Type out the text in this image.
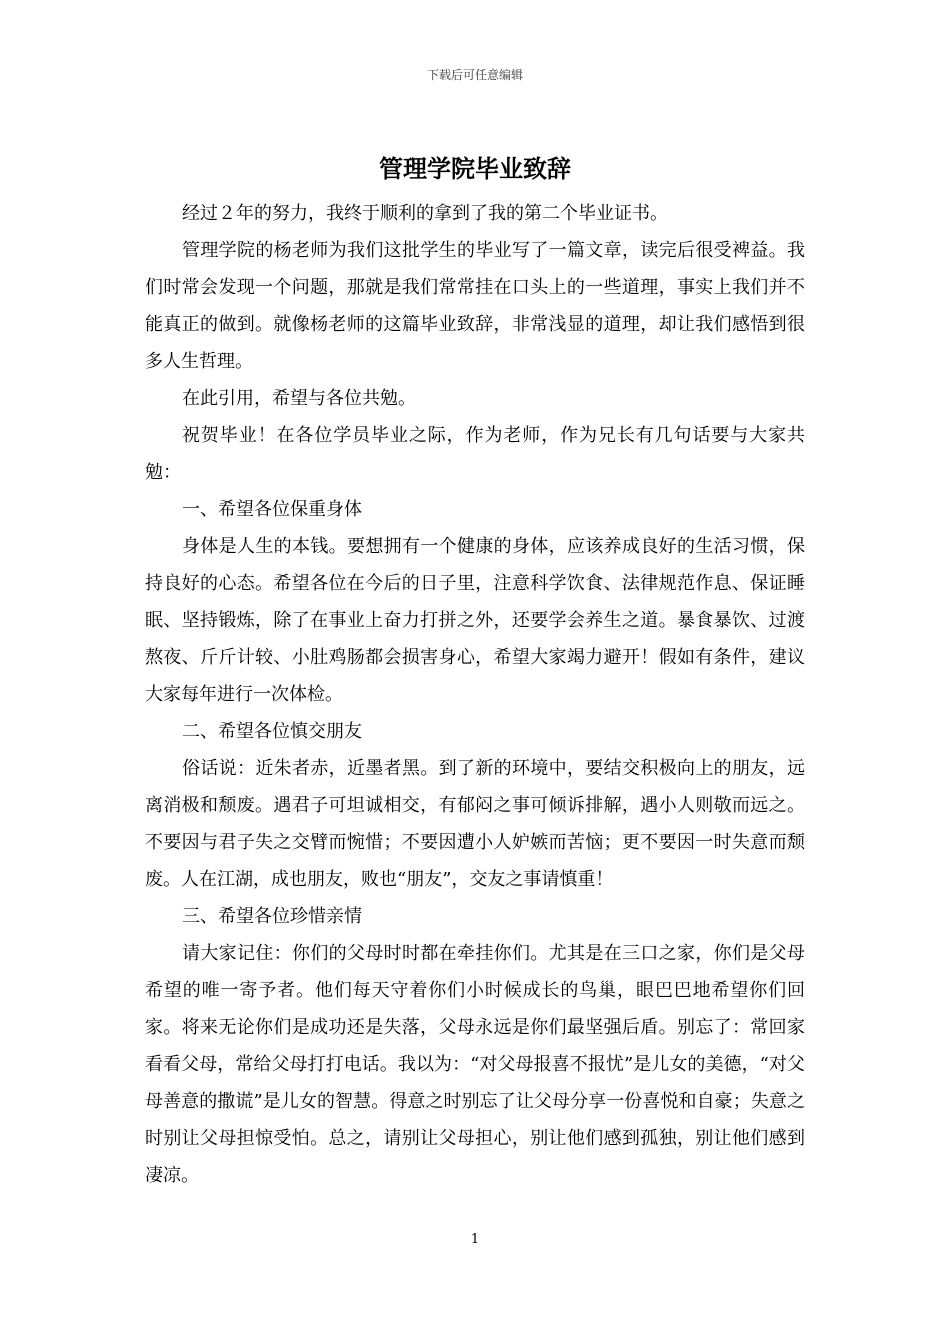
下载后可任意编辑
管理学院毕业致辞

经过２年的努力，我终于顺利的拿到了我的第二个毕业证书。

管理学院的杨老师为我们这批学生的毕业写了一篇文章，读完后很受裨益。我们时常会发现一个问题，那就是我们常常挂在口头上的一些道理，事实上我们并不能真正的做到。就像杨老师的这篇毕业致辞，非常浅显的道理，却让我们感悟到很多人生哲理。

在此引用，希望与各位共勉。

祝贺毕业！在各位学员毕业之际，作为老师，作为兄长有几句话要与大家共勉：

一、希望各位保重身体

身体是人生的本钱。要想拥有一个健康的身体，应该养成良好的生活习惯，保持良好的心态。希望各位在今后的日子里，注意科学饮食、法律规范作息、保证睡眠、坚持锻炼，除了在事业上奋力打拼之外，还要学会养生之道。暴食暴饮、过渡熬夜、斤斤计较、小肚鸡肠都会损害身心，希望大家竭力避开！假如有条件，建议大家每年进行一次体检。

二、希望各位慎交朋友

俗话说：近朱者赤，近墨者黑。到了新的环境中，要结交积极向上的朋友，远离消极和颓废。遇君子可坦诚相交，有郁闷之事可倾诉排解，遇小人则敬而远之。不要因与君子失之交臂而惋惜；不要因遭小人妒嫉而苦恼；更不要因一时失意而颓废。人在江湖，成也朋友，败也“朋友”，交友之事请慎重！

三、希望各位珍惜亲情

请大家记住：你们的父母时时都在牵挂你们。尤其是在三口之家，你们是父母希望的唯一寄予者。他们每天守着你们小时候成长的鸟巢，眼巴巴地希望你们回家。将来无论你们是成功还是失落，父母永远是你们最坚强后盾。别忘了：常回家看看父母，常给父母打打电话。我以为：“对父母报喜不报忧”是儿女的美德，“对父母善意的撒谎”是儿女的智慧。得意之时别忘了让父母分享一份喜悦和自豪；失意之时别让父母担惊受怕。总之，请别让父母担心，别让他们感到孤独，别让他们感到凄凉。

1
